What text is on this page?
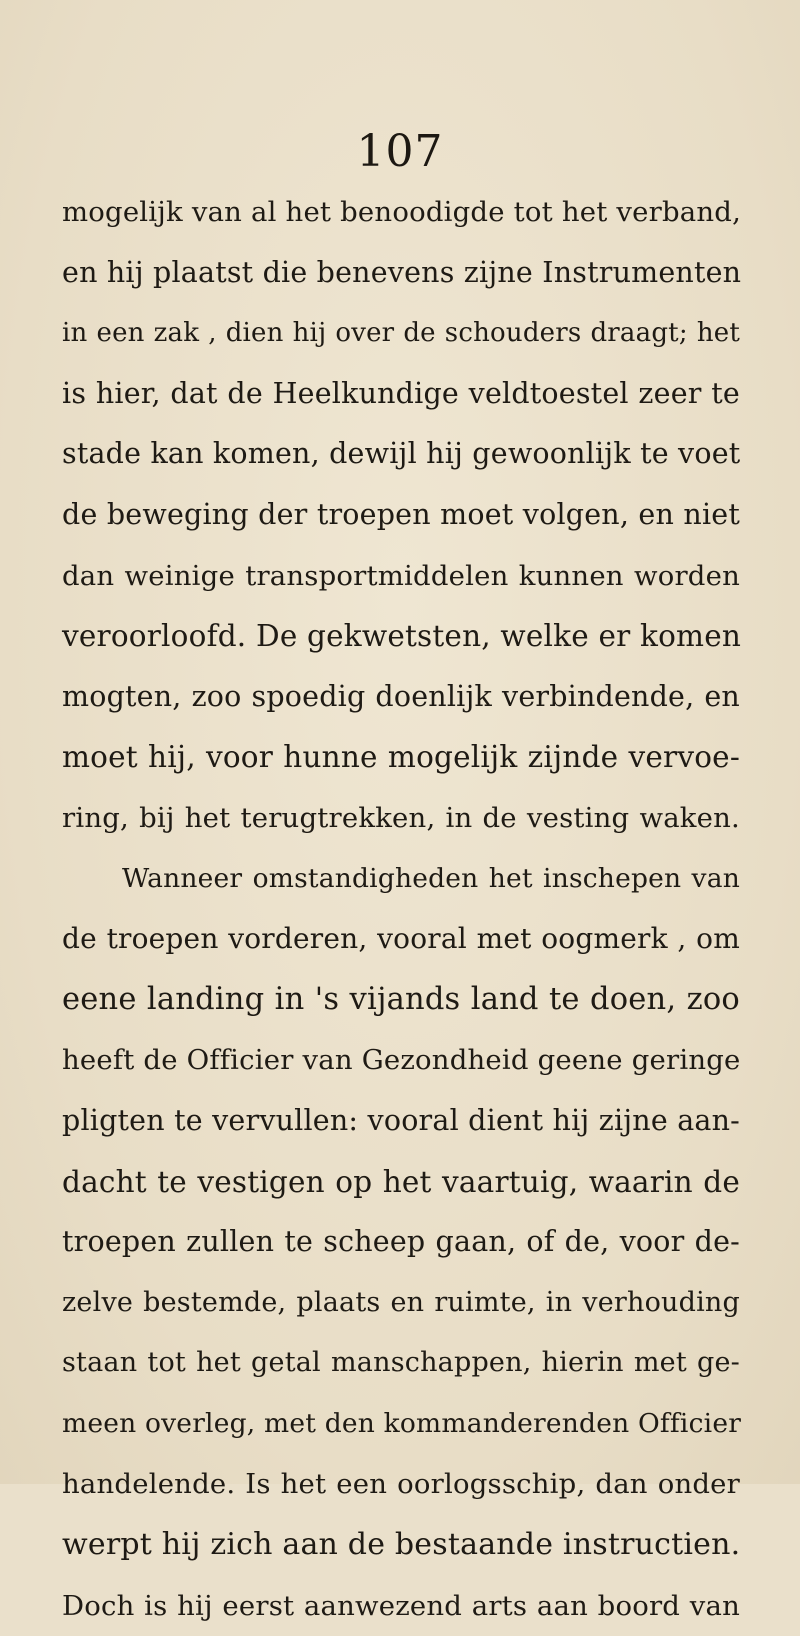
107
mogelijk van al het benoodigde tot het verband,
en hij plaatst die benevens zijne Instrumenten
in een zak , dien hij over de schouders draagt; het
is hier, dat de Heelkundige veldtoestel zeer te
stade kan komen, dewijl hij gewoonlijk te voet
de beweging der troepen moet volgen, en niet
dan weinige transportmiddelen kunnen worden
veroorloofd. De gekwetsten, welke er komen
mogten, zoo spoedig doenlijk verbindende, en
moet hij, voor hunne mogelijk zijnde vervoe-
ring, bij het terugtrekken, in de vesting waken.
Wanneer omstandigheden het inschepen van
de troepen vorderen, vooral met oogmerk , om
eene landing in 's vijands land te doen, zoo
heeft de Officier van Gezondheid geene geringe
pligten te vervullen: vooral dient hij zijne aan-
dacht te vestigen op het vaartuig, waarin de
troepen zullen te scheep gaan, of de, voor de-
zelve bestemde, plaats en ruimte, in verhouding
staan tot het getal manschappen, hierin met ge-
meen overleg, met den kommanderenden Officier
handelende. Is het een oorlogsschip, dan onder
werpt hij zich aan de bestaande instructien.
Doch is hij eerst aanwezend arts aan boord van
